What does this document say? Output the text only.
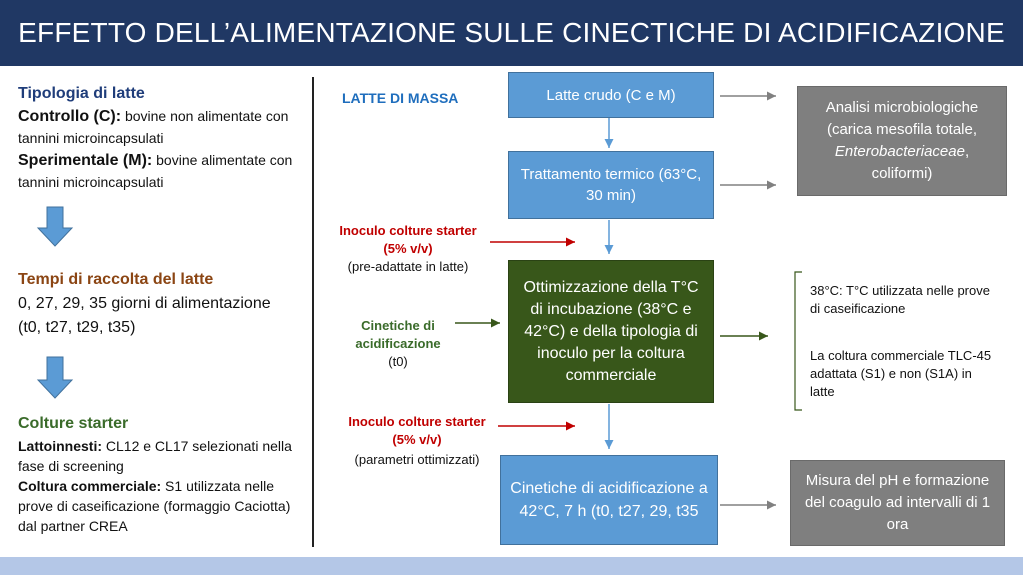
EFFETTO DELL’ALIMENTAZIONE SULLE CINECTICHE DI ACIDIFICAZIONE
Tipologia di latte
Controllo (C): bovine non alimentate con tannini microincapsulati
Sperimentale (M): bovine alimentate con tannini microincapsulati
Tempi di raccolta del latte
0, 27, 29, 35 giorni di alimentazione (t0, t27, t29, t35)
Colture starter
Lattoinnesti: CL12 e CL17 selezionati nella fase di screening
Coltura commerciale: S1 utilizzata nelle prove di caseificazione (formaggio Caciotta) dal partner CREA
LATTE DI MASSA	Latte crudo (C e M)
Trattamento termico (63°C, 30 min)
Ottimizzazione della T°C di incubazione (38°C e 42°C) e della tipologia di inoculo per la coltura commerciale
Cinetiche di acidificazione a 42°C, 7 h (t0, t27, 29, t35
Inoculo colture starter (5% v/v)
(pre-adattate in latte)
Cinetiche di acidificazione
(t0)
Inoculo colture starter (5% v/v)
(parametri ottimizzati)
Analisi microbiologiche (carica mesofila totale, Enterobacteriaceae, coliformi)
Misura del pH e formazione del coagulo ad intervalli di 1 ora
38°C: T°C utilizzata nelle prove di caseificazione
La coltura commerciale TLC-45 adattata (S1) e non (S1A) in latte
